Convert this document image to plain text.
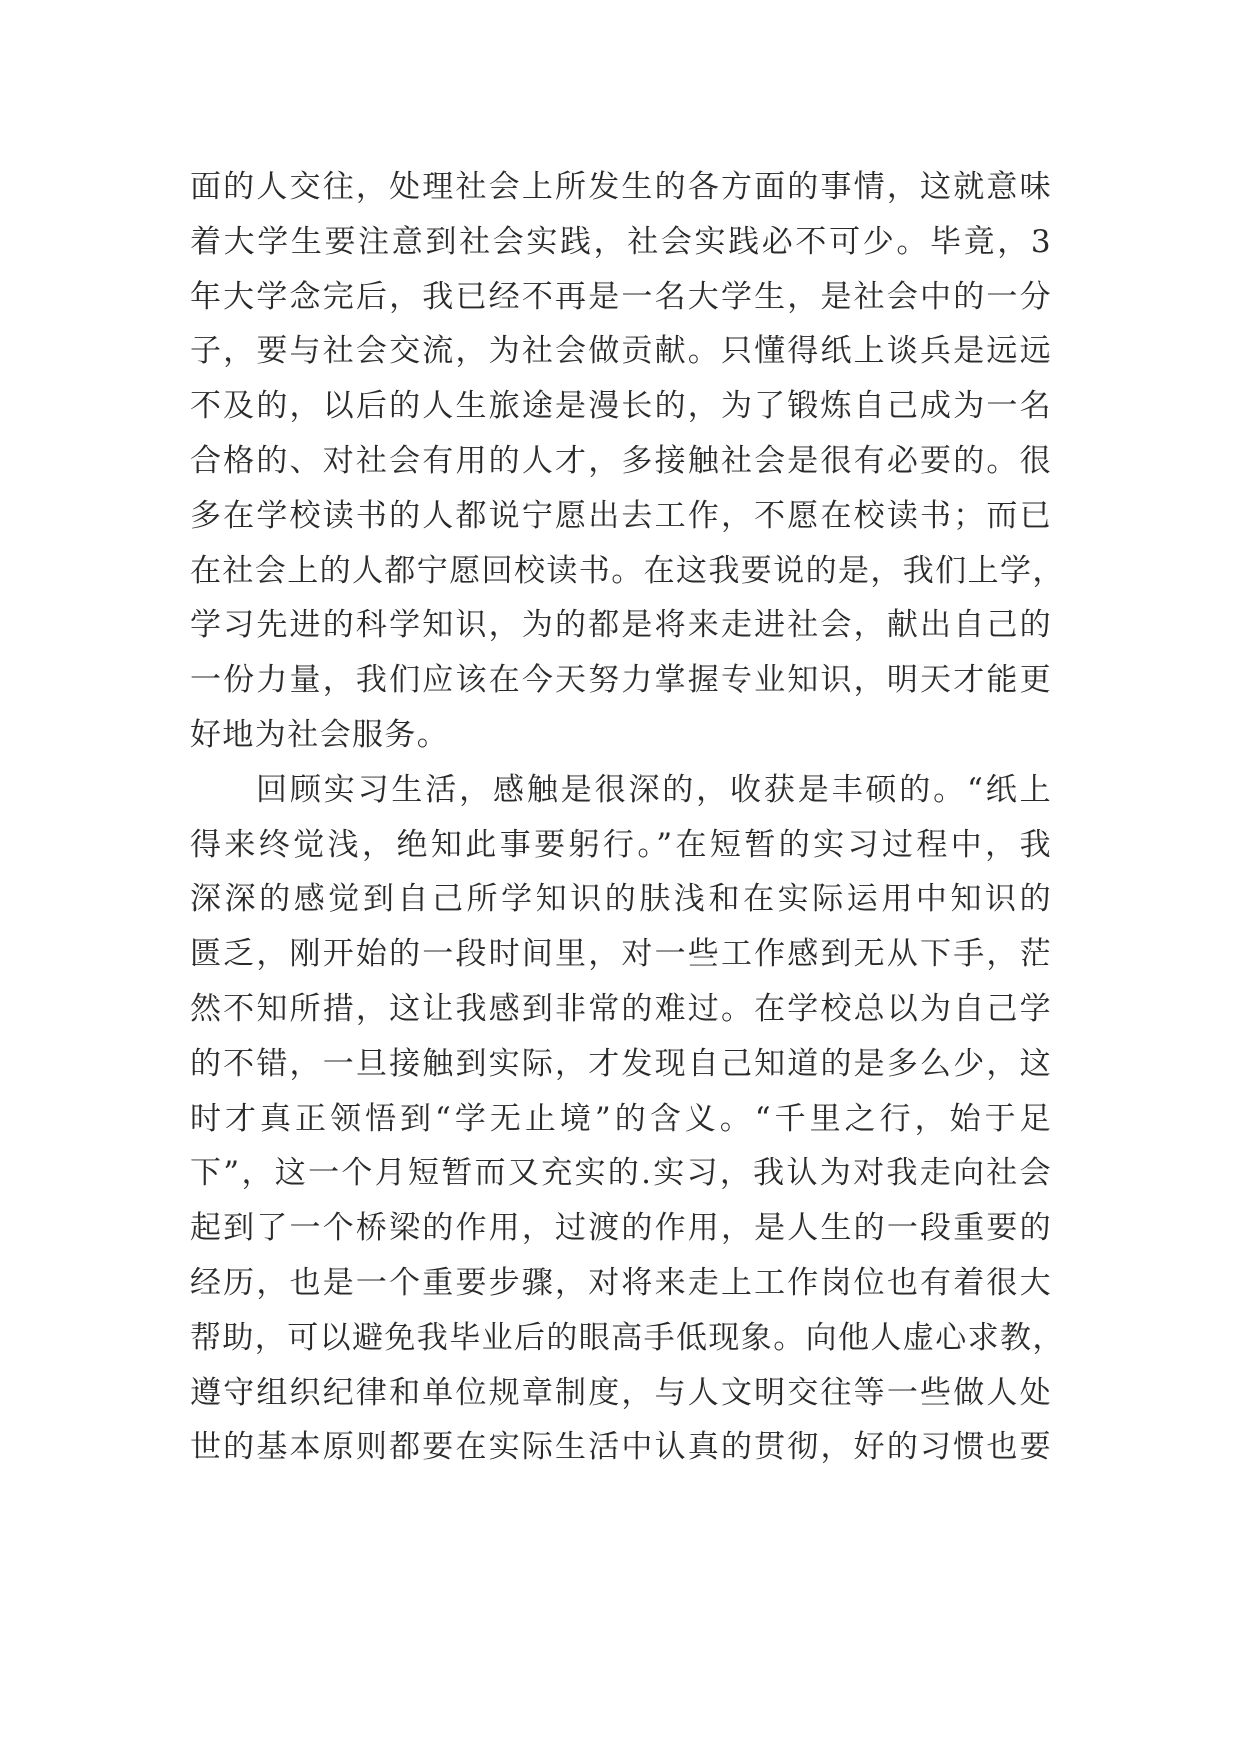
面的人交往，处理社会上所发生的各方面的事情，这就意味
着大学生要注意到社会实践，社会实践必不可少。毕竟，3
年大学念完后，我已经不再是一名大学生，是社会中的一分
子，要与社会交流，为社会做贡献。只懂得纸上谈兵是远远
不及的，以后的人生旅途是漫长的，为了锻炼自己成为一名
合格的、对社会有用的人才，多接触社会是很有必要的。很
多在学校读书的人都说宁愿出去工作，不愿在校读书；而已
在社会上的人都宁愿回校读书。在这我要说的是，我们上学，
学习先进的科学知识，为的都是将来走进社会，献出自己的
一份力量，我们应该在今天努力掌握专业知识，明天才能更
好地为社会服务。
回顾实习生活，感触是很深的，收获是丰硕的。“纸上
得来终觉浅，绝知此事要躬行。”在短暂的实习过程中，我
深深的感觉到自己所学知识的肤浅和在实际运用中知识的
匮乏，刚开始的一段时间里，对一些工作感到无从下手，茫
然不知所措，这让我感到非常的难过。在学校总以为自己学
的不错，一旦接触到实际，才发现自己知道的是多么少，这
时才真正领悟到“学无止境”的含义。“千里之行，始于足
下”，这一个月短暂而又充实的.实习，我认为对我走向社会
起到了一个桥梁的作用，过渡的作用，是人生的一段重要的
经历，也是一个重要步骤，对将来走上工作岗位也有着很大
帮助，可以避免我毕业后的眼高手低现象。向他人虚心求教，
遵守组织纪律和单位规章制度，与人文明交往等一些做人处
世的基本原则都要在实际生活中认真的贯彻，好的习惯也要
